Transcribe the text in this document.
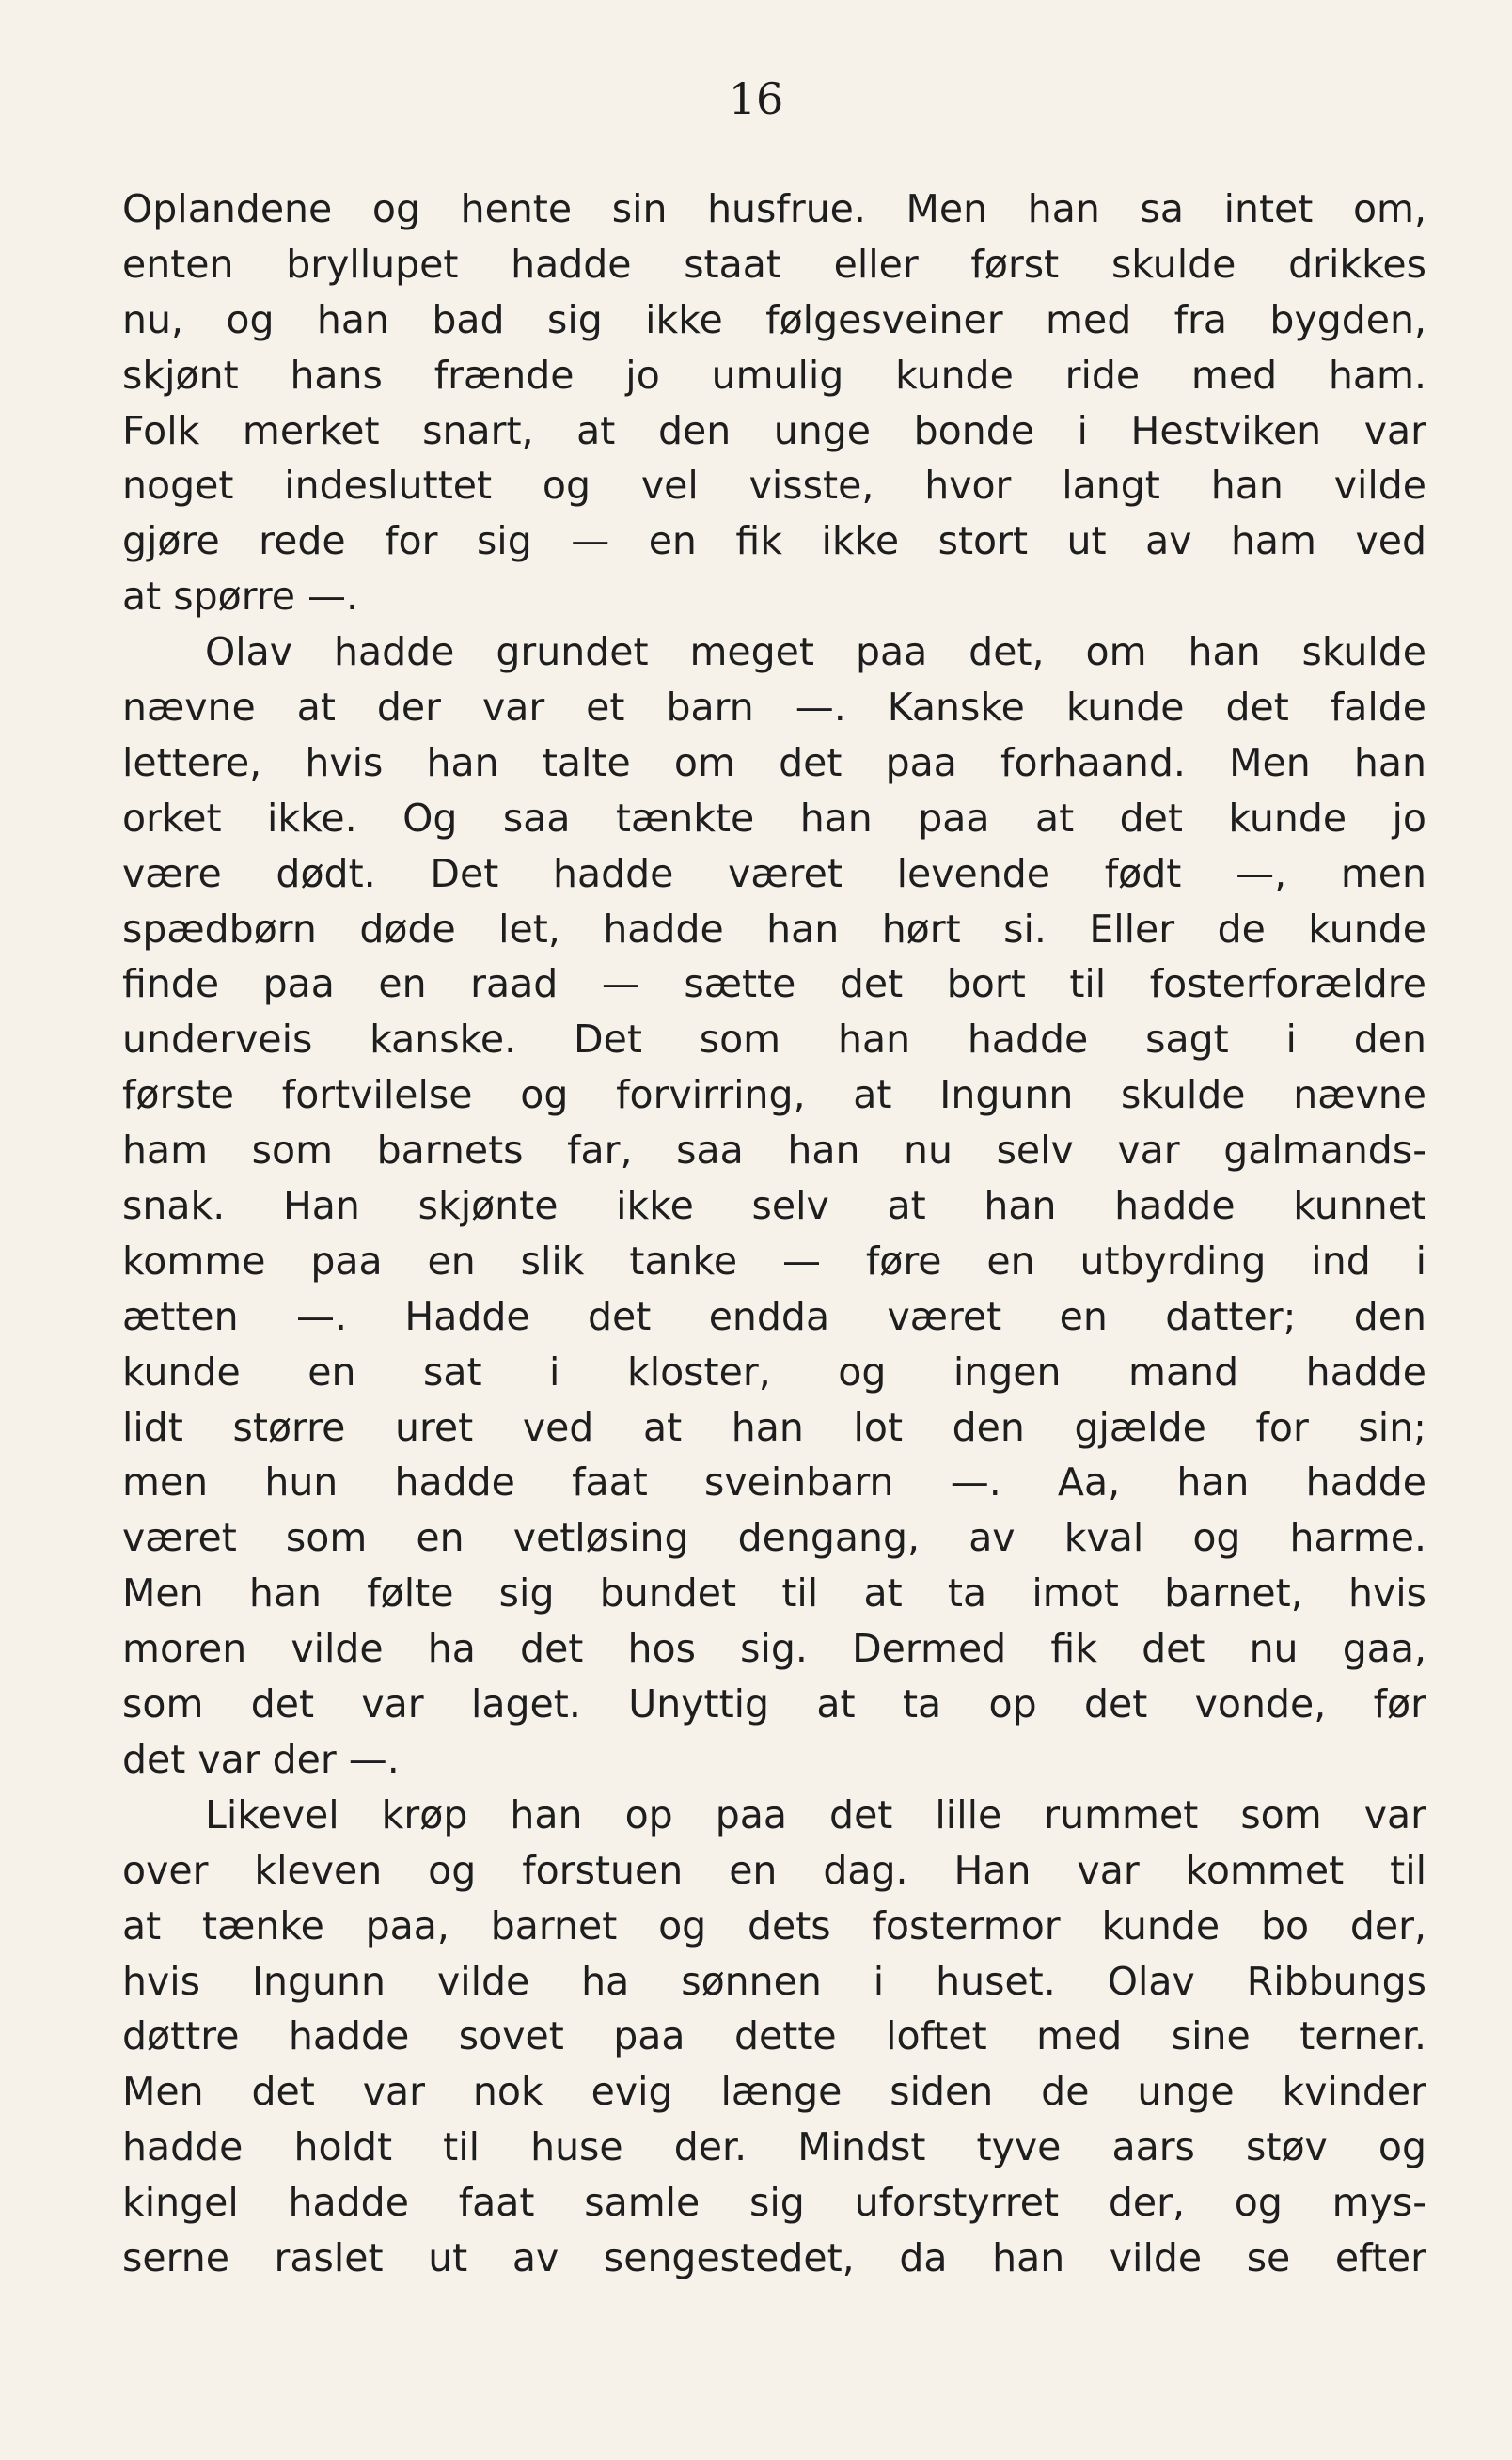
16
Oplandene og hente sin husfrue. Men han sa intet om,
enten bryllupet hadde staat eller først skulde drikkes
nu, og han bad sig ikke følgesveiner med fra bygden,
skjønt hans frænde jo umulig kunde ride med ham.
Folk merket snart, at den unge bonde i Hestviken var
noget indesluttet og vel visste, hvor langt han vilde
gjøre rede for sig — en fik ikke stort ut av ham ved
at spørre —.
Olav hadde grundet meget paa det, om han skulde
nævne at der var et barn —. Kanske kunde det falde
lettere, hvis han talte om det paa forhaand. Men han
orket ikke. Og saa tænkte han paa at det kunde jo
være dødt. Det hadde været levende født —, men
spædbørn døde let, hadde han hørt si. Eller de kunde
finde paa en raad — sætte det bort til fosterforældre
underveis kanske. Det som han hadde sagt i den
første fortvilelse og forvirring, at Ingunn skulde nævne
ham som barnets far, saa han nu selv var galmands-
snak. Han skjønte ikke selv at han hadde kunnet
komme paa en slik tanke — føre en utbyrding ind i
ætten —. Hadde det endda været en datter; den
kunde en sat i kloster, og ingen mand hadde
lidt større uret ved at han lot den gjælde for sin;
men hun hadde faat sveinbarn —. Aa, han hadde
været som en vetløsing dengang, av kval og harme.
Men han følte sig bundet til at ta imot barnet, hvis
moren vilde ha det hos sig. Dermed fik det nu gaa,
som det var laget. Unyttig at ta op det vonde, før
det var der —.
Likevel krøp han op paa det lille rummet som var
over kleven og forstuen en dag. Han var kommet til
at tænke paa, barnet og dets fostermor kunde bo der,
hvis Ingunn vilde ha sønnen i huset. Olav Ribbungs
døttre hadde sovet paa dette loftet med sine terner.
Men det var nok evig længe siden de unge kvinder
hadde holdt til huse der. Mindst tyve aars støv og
kingel hadde faat samle sig uforstyrret der, og mys-
serne raslet ut av sengestedet, da han vilde se efter
